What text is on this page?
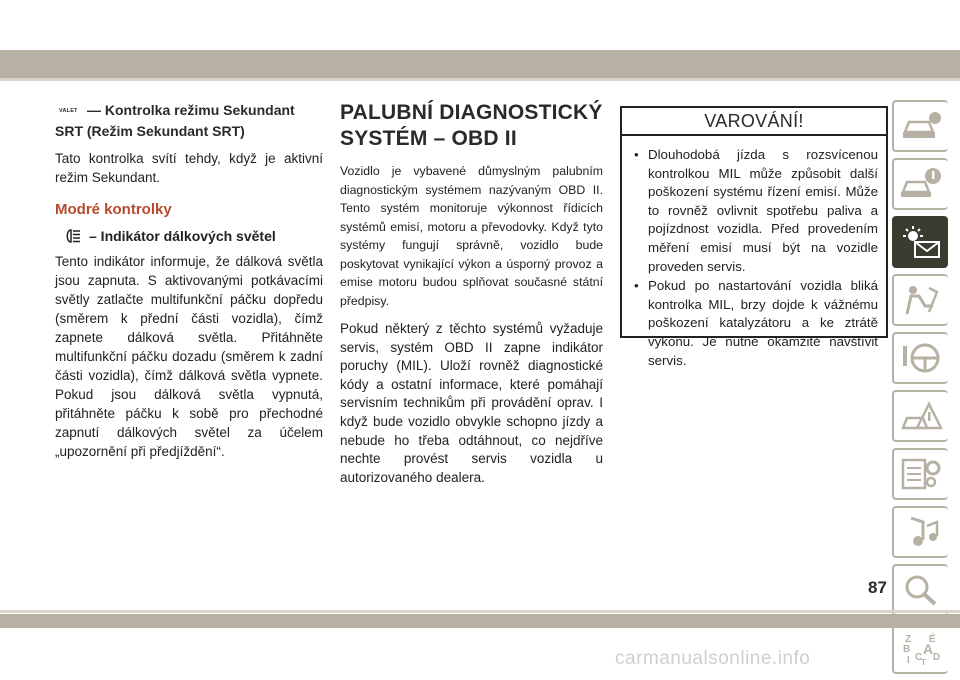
VALET — Kontrolka režimu Sekundant SRT (Režim Sekundant SRT)
Tato kontrolka svítí tehdy, když je aktivní režim Sekundant.
Modré kontrolky
– Indikátor dálkových světel
Tento indikátor informuje, že dálková světla jsou zapnuta. S aktivovanými potkávacími světly zatlačte multifunkční páčku dopředu (směrem k přední části vozidla), čímž zapnete dálková světla. Přitáhněte multifunkční páčku dozadu (směrem k zadní části vozidla), čímž dálková světla vypnete. Pokud jsou dálková světla vypnutá, přitáhněte páčku k sobě pro přechodné zapnutí dálkových světel za účelem „upozornění při předjíždění“.
PALUBNÍ DIAGNOSTICKÝ SYSTÉM – OBD II
Vozidlo je vybavené důmyslným palubním diagnostickým systémem nazývaným OBD II. Tento systém monitoruje výkonnost řídicích systémů emisí, motoru a převodovky. Když tyto systémy fungují správně, vozidlo bude poskytovat vynikající výkon a úsporný provoz a emise motoru budou splňovat současné státní předpisy.
Pokud některý z těchto systémů vyžaduje servis, systém OBD II zapne indikátor poruchy (MIL). Uloží rovněž diagnostické kódy a ostatní informace, které pomáhají servisním technikům při provádění oprav. I když bude vozidlo obvykle schopno jízdy a nebude ho třeba odtáhnout, co nejdříve nechte provést servis vozidla u autorizovaného dealera.
VAROVÁNÍ!
• Dlouhodobá jízda s rozsvícenou kontrolkou MIL může způsobit další poškození systému řízení emisí. Může to rovněž ovlivnit spotřebu paliva a pojízdnost vozidla. Před provedením měření emisí musí být na vozidle proveden servis.
• Pokud po nastartování vozidla bliká kontrolka MIL, brzy dojde k vážnému poškození katalyzátoru a ke ztrátě výkonu. Je nutné okamžitě navštívit servis.
Z É
B A
I C D
T
87
carmanualsonline.info
